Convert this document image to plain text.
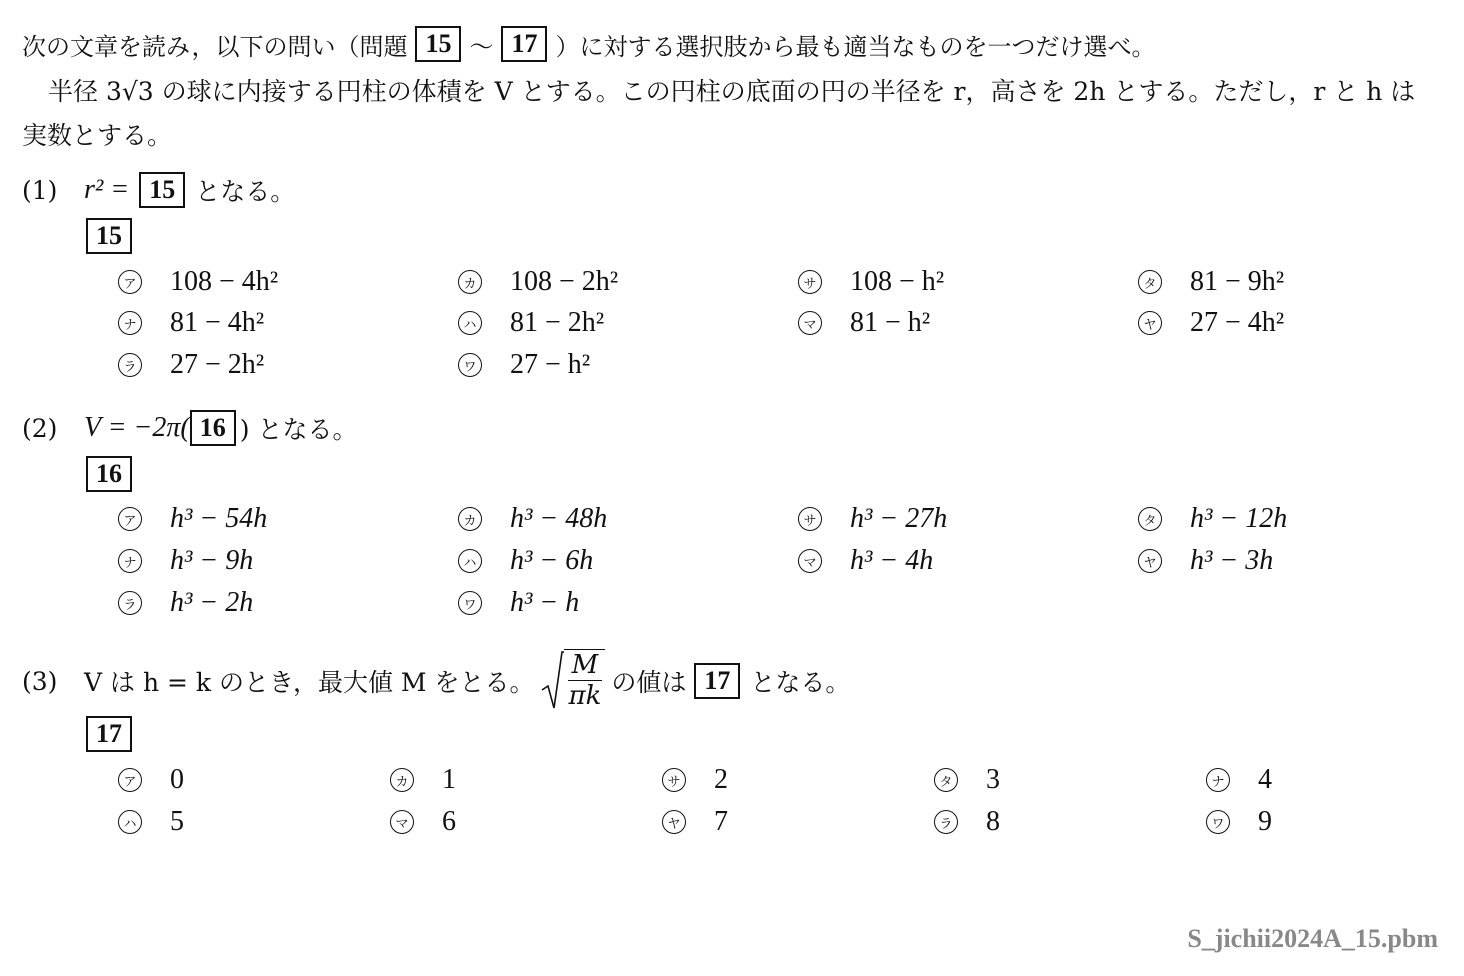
次の文章を読み，以下の問い（問題 15 ～ 17 ）に対する選択肢から最も適当なものを一つだけ選べ。
半径 3√3 の球に内接する円柱の体積を V とする。この円柱の底面の円の半径を r，高さを 2h とする。ただし，r と h は
実数とする。
(1) r² = 15 となる。
15
ア 108 − 4h²	カ 108 − 2h²	サ 108 − h²	タ 81 − 9h²
ナ 81 − 4h²	ハ 81 − 2h²	マ 81 − h²	ヤ 27 − 4h²
ラ 27 − 2h²	ワ 27 − h²
(2) V = −2π( 16 ) となる。
16
ア h³ − 54h	カ h³ − 48h	サ h³ − 27h	タ h³ − 12h
ナ h³ − 9h	ハ h³ − 6h	マ h³ − 4h	ヤ h³ − 3h
ラ h³ − 2h	ワ h³ − h
(3)	V は h = k のとき，最大値 M をとる。 $\frac{M}{\pi k}$ の値は 17 となる。
17
ア 0	カ 1	サ 2	タ 3	ナ 4
ハ 5	マ 6	ヤ 7	ラ 8	ワ 9
S_jichii2024A_15.pbm
